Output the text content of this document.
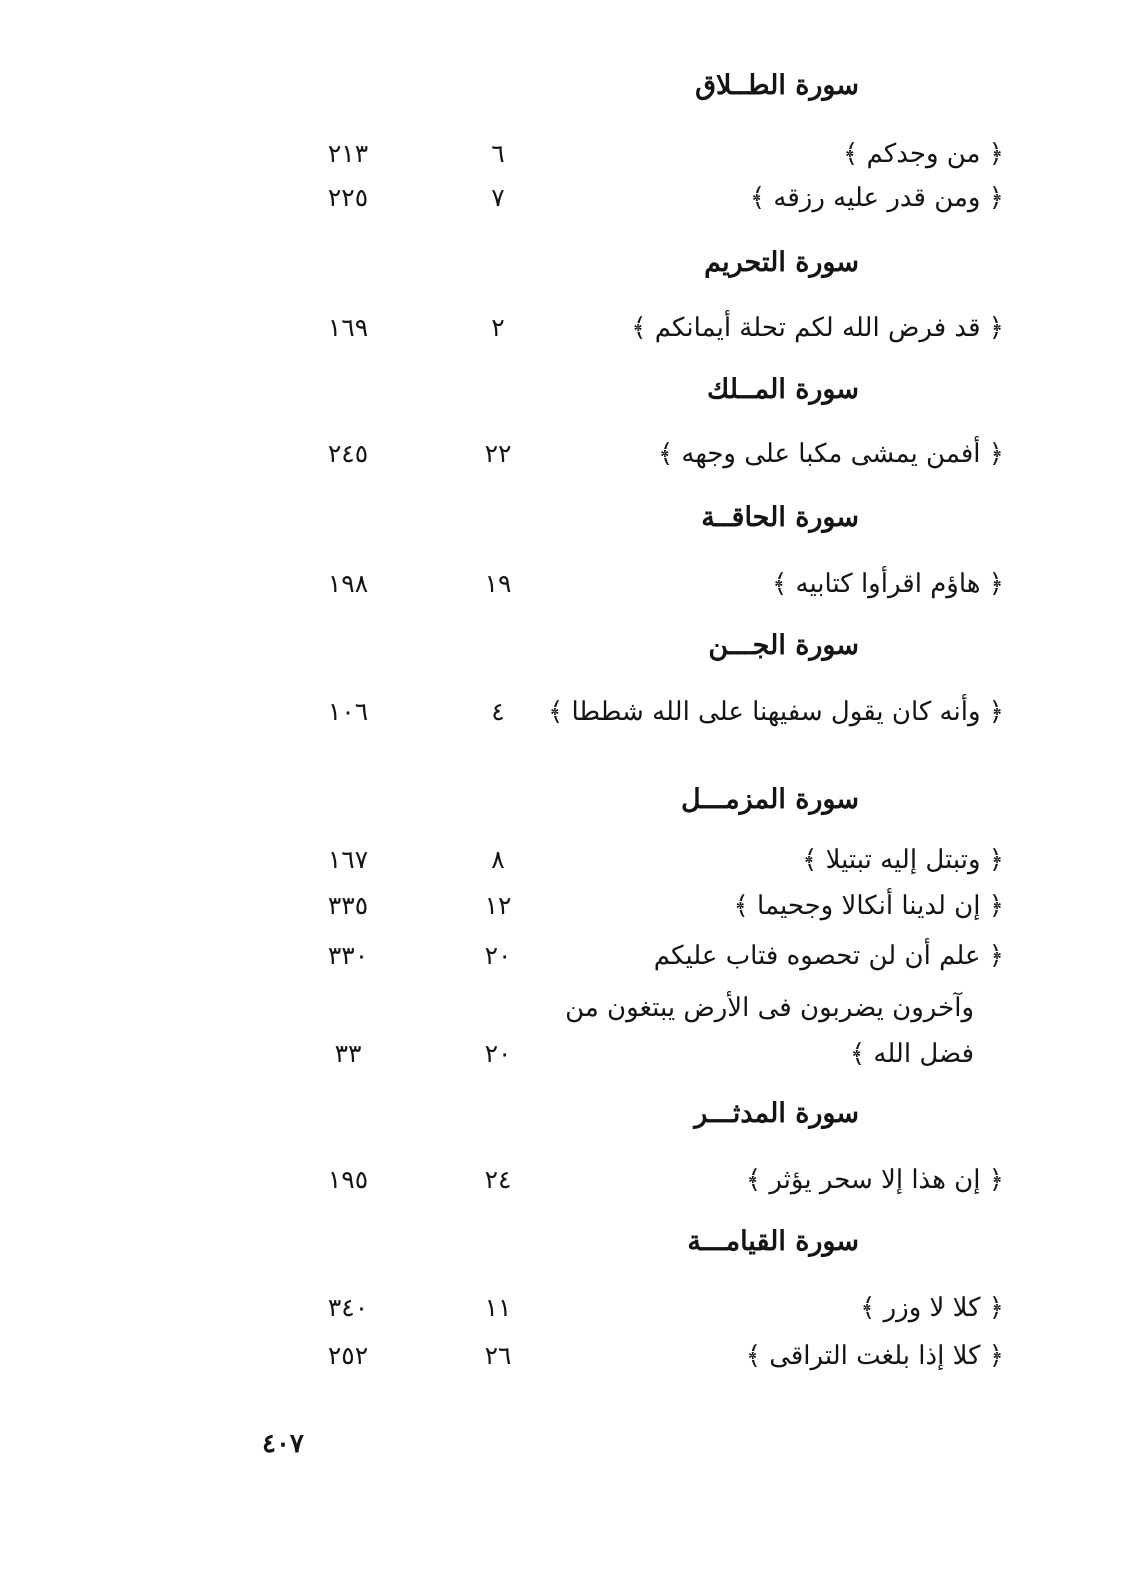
سورة الطــلاق
﴿ من وجدكم ﴾
٦
٢١٣
﴿ ومن قدر عليه رزقه ﴾
٧
٢٢٥
سورة التحريم
﴿ قد فرض الله لكم تحلة أيمانكم ﴾
٢
١٦٩
سورة المــلك
﴿ أفمن يمشى مكبا على وجهه ﴾
٢٢
٢٤٥
سورة الحاقــة
﴿ هاؤم اقرأوا كتابيه ﴾
١٩
١٩٨
سورة الجـــن
﴿ وأنه كان يقول سفيهنا على الله شططا ﴾
٤
١٠٦
سورة المزمـــل
﴿ وتبتل إليه تبتيلا ﴾
٨
١٦٧
﴿ إن لدينا أنكالا وجحيما ﴾
١٢
٣٣٥
﴿ علم أن لن تحصوه فتاب عليكم
٢٠
٣٣٠
وآخرون يضربون فى الأرض يبتغون من
فضل الله ﴾
٢٠
٣٣
سورة المدثـــر
﴿ إن هذا إلا سحر يؤثر ﴾
٢٤
١٩٥
سورة القيامـــة
﴿ كلا لا وزر ﴾
١١
٣٤٠
﴿ كلا إذا بلغت التراقى ﴾
٢٦
٢٥٢
٤٠٧
